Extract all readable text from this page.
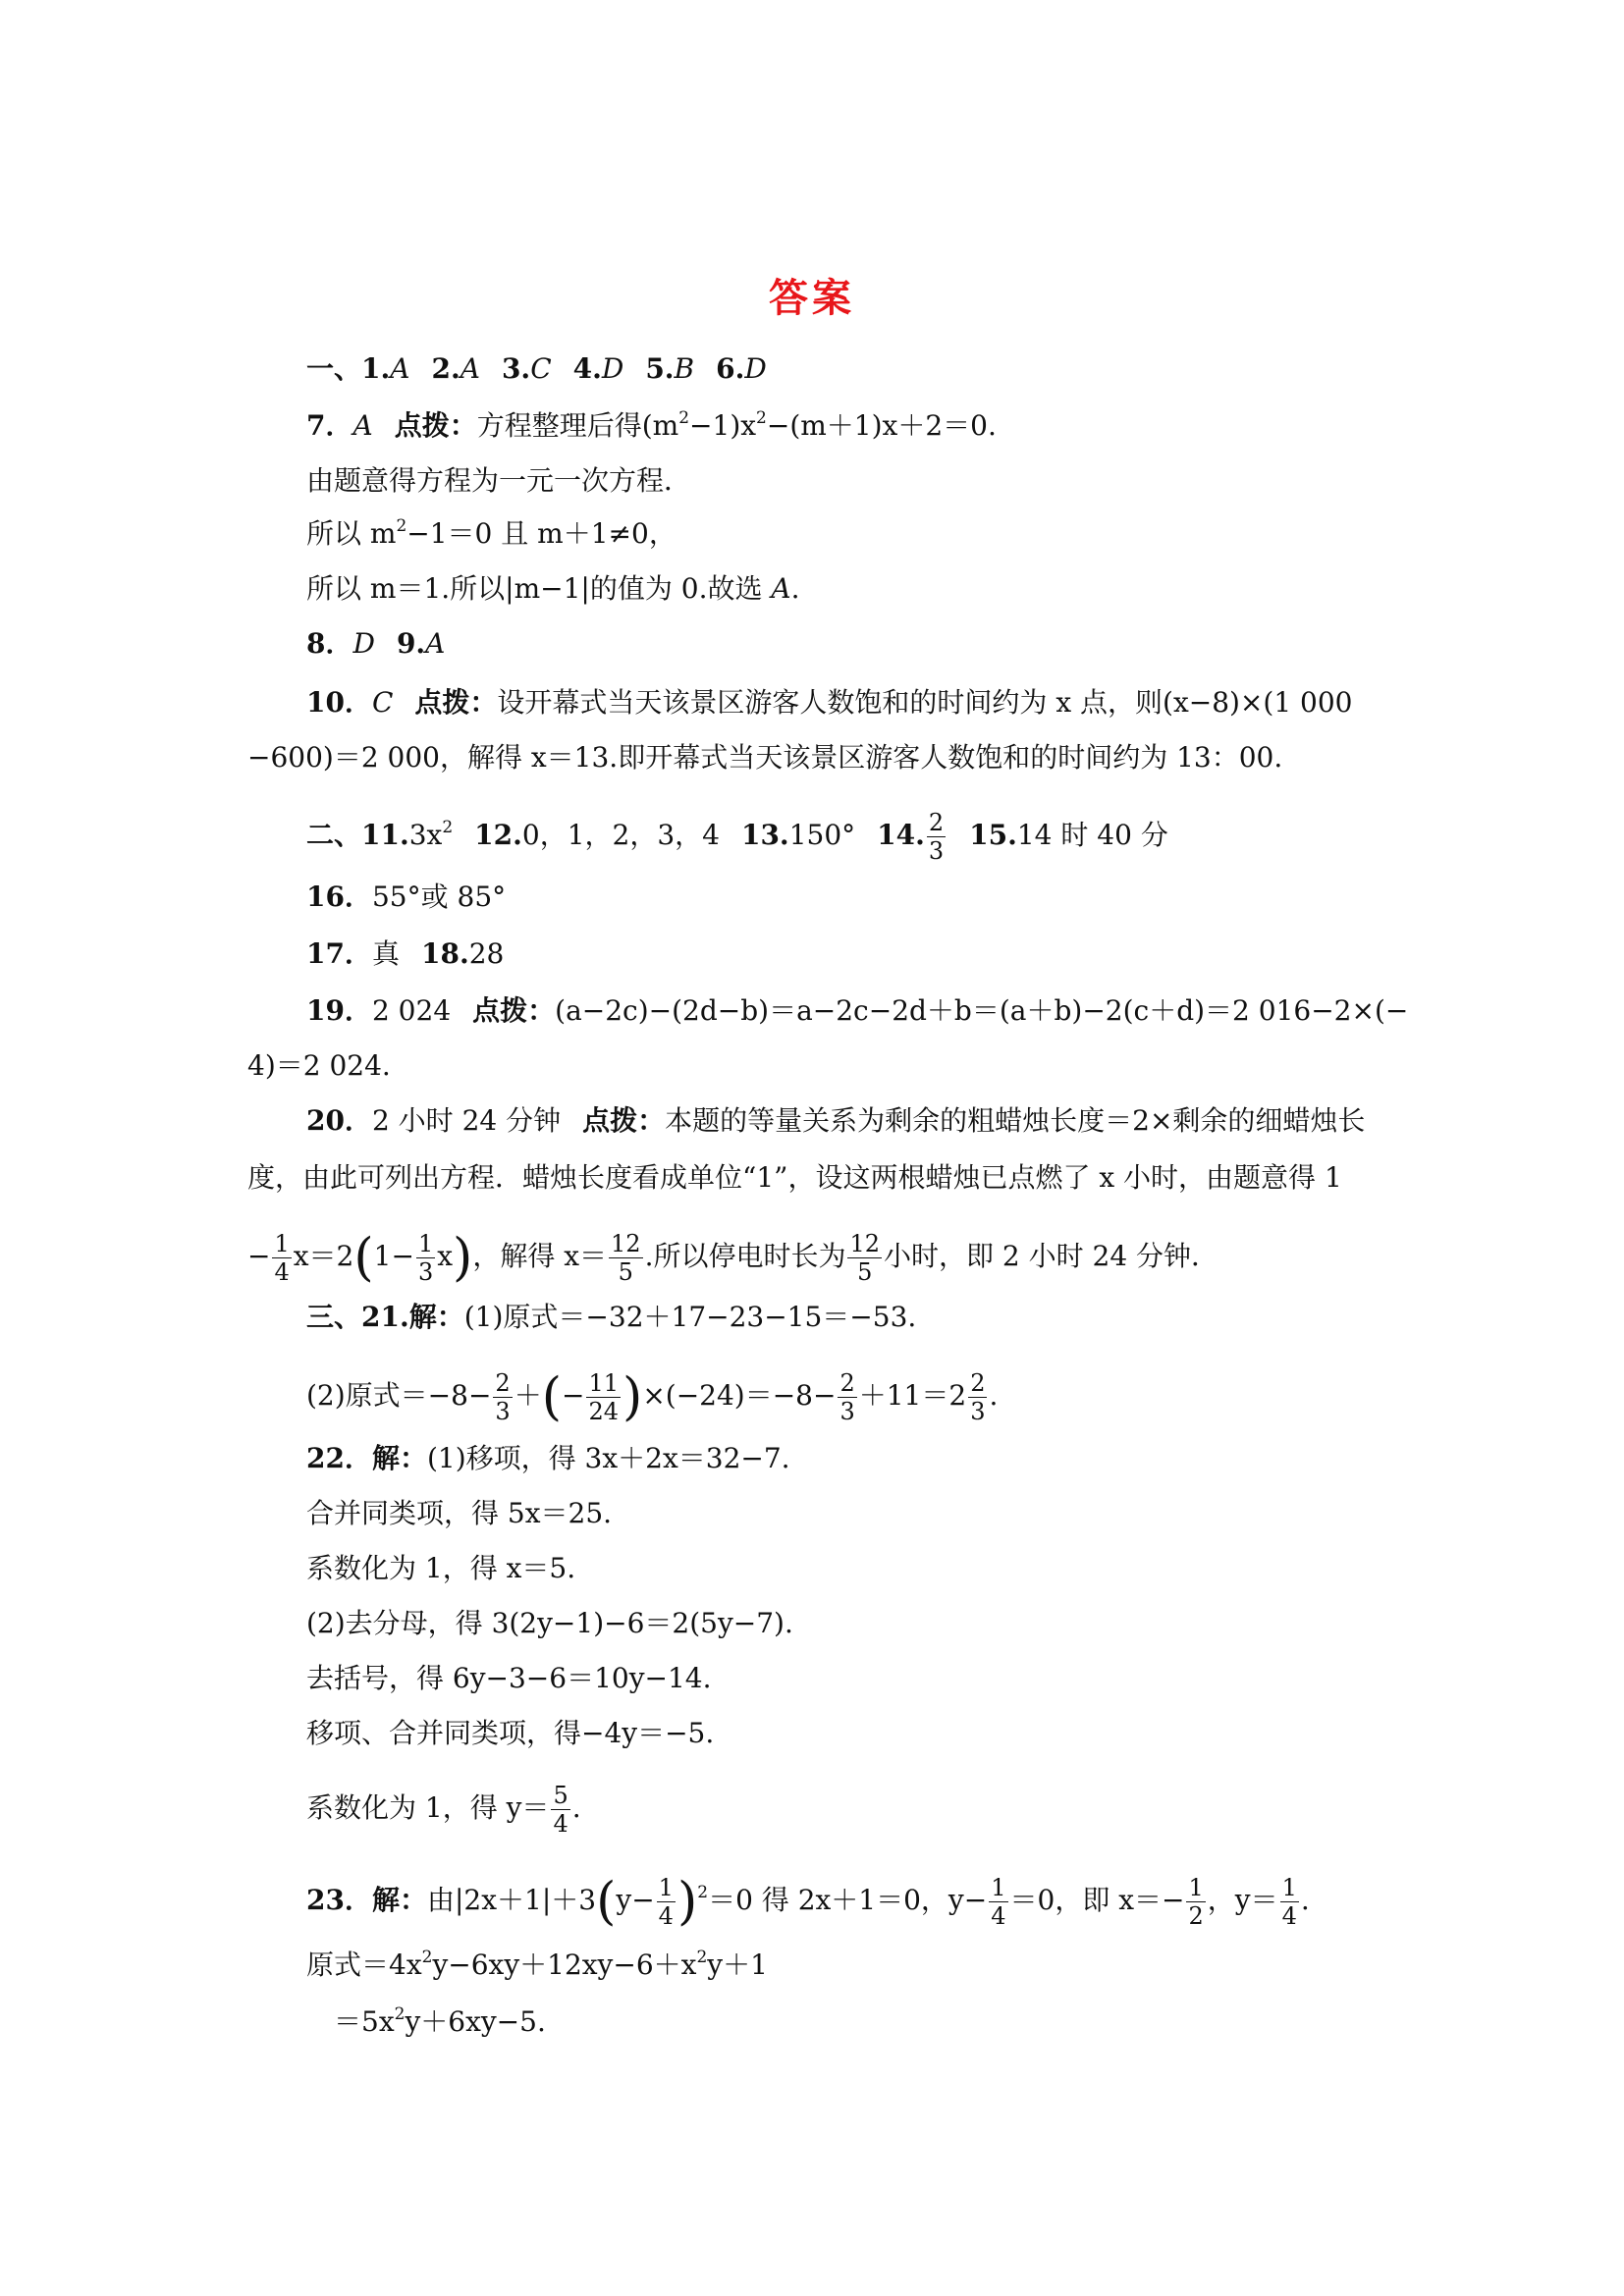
答案
一、1.A 2.A 3.C 4.D 5.B 6.D
7．A 点拨：方程整理后得$(m^2-1)x^2-(m+1)x+2=0$.
由题意得方程为一元一次方程．
所以 $m^2-1=0$ 且 m＋1≠0，
所以 m＝1.所以|m−1|的值为 0.故选 A.
8．D 9.A
10．C 点拨：设开幕式当天该景区游客人数饱和的时间约为 x 点，则(x−8)×(1 000
−600)＝2 000，解得 x＝13.即开幕式当天该景区游客人数饱和的时间约为 13：00.
二、$11.3x^2$ 12.0，1，2，3，4 13.150° 14. $\frac{2}{3} 15.14$ 时 40 分
16．55°或 85°
17．真 18.28
19．2 024 点拨：(a−2c)−(2d−b)＝a−2c−2d＋b＝(a＋b)−2(c＋d)＝2 016−2×(−
4)＝2 024.
20．2 小时 24 分钟 点拨：本题的等量关系为剩余的粗蜡烛长度＝2×剩余的细蜡烛长
度，由此可列出方程．蜡烛长度看成单位“1”，设这两根蜡烛已点燃了 x 小时，由题意得 1
− $\frac{1}{4} x=2(1- \frac{1}{3} x)$，解得 $x= \frac{12}{5}$ .所以停电时长为 $\frac{12}{5}$ 小时，即 2 小时 24 分钟．
三、21.解：(1)原式＝−32＋17−23−15＝−53.
(2)原式$=-8- \frac{2}{3}$ ＋(− $\frac{11}{24} )\times(-24)=-8- \frac{2}{3} +11=2 \frac{2}{3}$ .
22．解：(1)移项，得 3x＋2x＝32−7.
合并同类项，得 5x＝25.
系数化为 1，得 x＝5.
(2)去分母，得 3(2y−1)−6＝2(5y−7).
去括号，得 6y−3−6＝10y−14.
移项、合并同类项，得−4y＝−5.
系数化为 1，得 $y= \frac{5}{4}$ .
23．解：由$|2x+1|+3(y- \frac{1}{4} )^2=0$ 得 2x＋1＝0，$y- \frac{1}{4} =0$，即 $x=- \frac{1}{2}$ ，$y= \frac{1}{4}$ .
原式$=4x^2y-6xy+12xy-6+x^2y+1$
$=5x^2y+6xy-5$.
